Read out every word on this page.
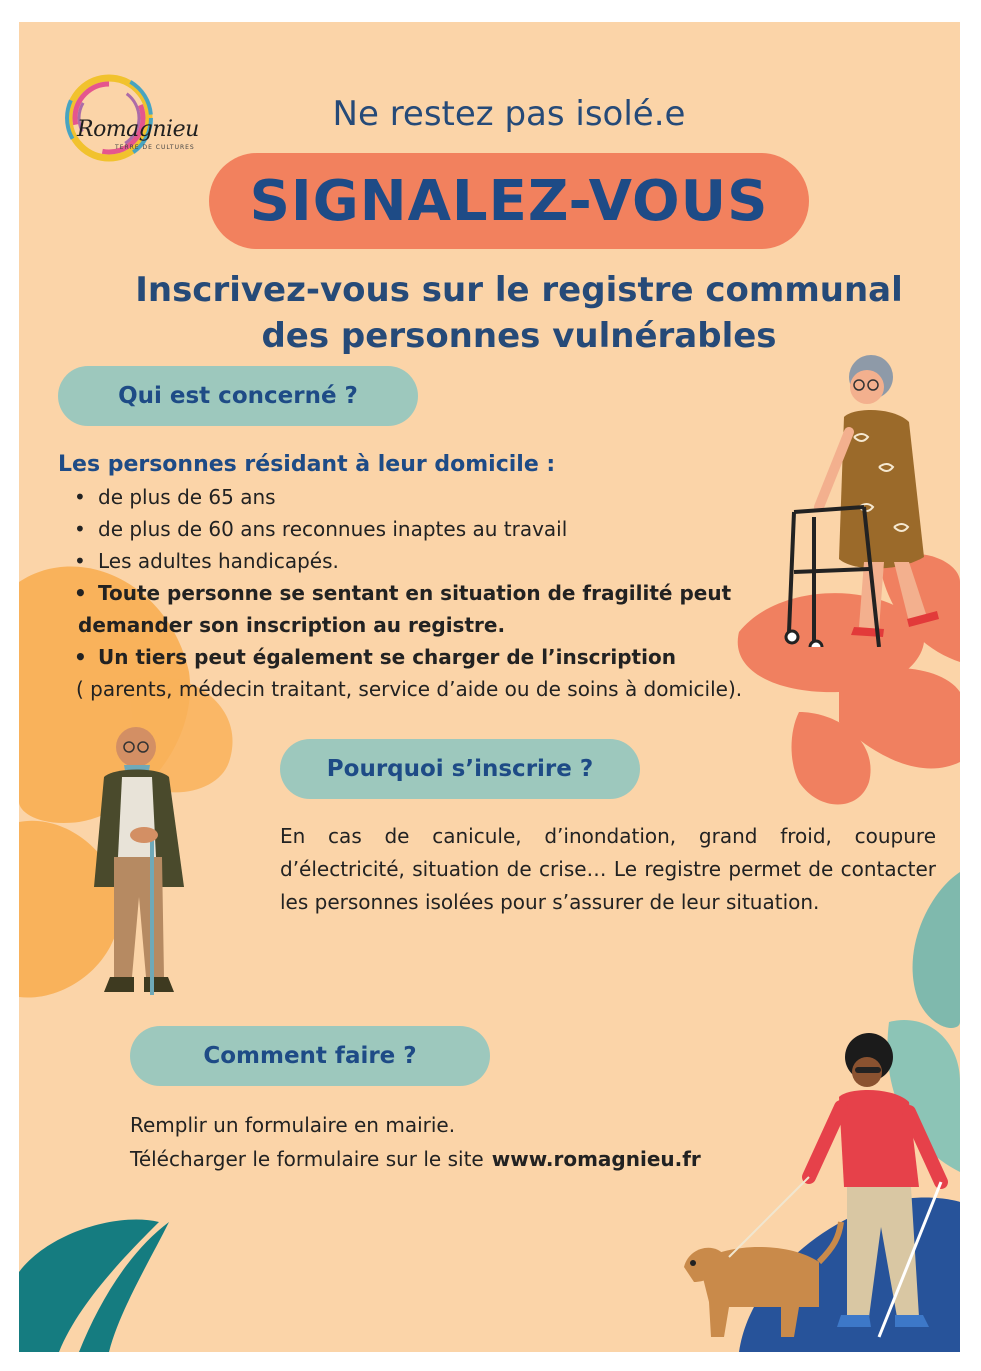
Romagnieu
TERRE DE CULTURES
Ne restez pas isolé.e
SIGNALEZ-VOUS
Inscrivez-vous sur le registre communal
des personnes vulnérables
Qui est concerné ?
Les personnes résidant à leur domicile :
• de plus de 65 ans
• de plus de 60 ans reconnues inaptes au travail
• Les adultes handicapés.
• Toute personne se sentant en situation de fragilité peut
demander son inscription au registre.
• Un tiers peut également se charger de l’inscription
( parents, médecin traitant, service d’aide ou de soins à domicile).
Pourquoi s’inscrire ?
En cas de canicule, d’inondation, grand froid, coupure d’électricité, situation de crise… Le registre permet de contacter les personnes isolées pour s’assurer de leur situation.
Comment faire ?
Remplir un formulaire en mairie.
Télécharger le formulaire sur le site www.romagnieu.fr
